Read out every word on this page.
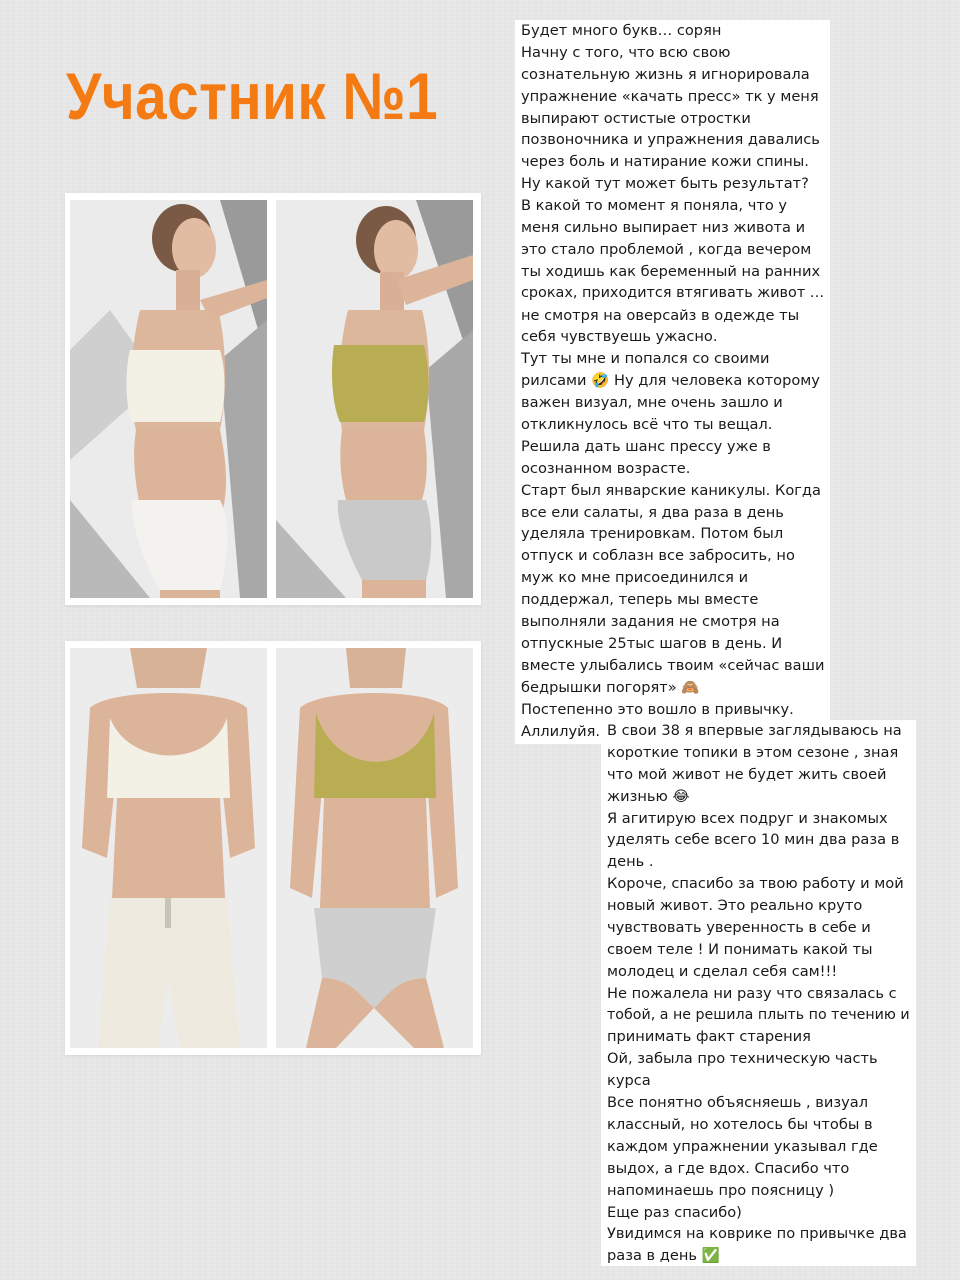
Участник №1
Будет много букв… сорян
Начну с того, что всю свою
сознательную жизнь я игнорировала
упражнение «качать пресс» тк у меня
выпирают остистые отростки
позвоночника и упражнения давались
через боль и натирание кожи спины.
Ну какой тут может быть результат?
В какой то момент я поняла, что у
меня сильно выпирает низ живота и
это стало проблемой , когда вечером
ты ходишь как беременный на ранних
сроках, приходится втягивать живот …
не смотря на оверсайз в одежде ты
себя чувствуешь ужасно.
Тут ты мне и попался со своими
рилсами 🤣 Ну для человека которому
важен визуал, мне очень зашло и
откликнулось всё что ты вещал.
Решила дать шанс прессу уже в
осознанном возрасте.
Старт был январские каникулы. Когда
все ели салаты, я два раза в день
уделяла тренировкам. Потом был
отпуск и соблазн все забросить, но
муж ко мне присоединился и
поддержал, теперь мы вместе
выполняли задания не смотря на
отпускные 25тыс шагов в день. И
вместе улыбались твоим «сейчас ваши
бедрышки погорят» 🙈
Постепенно это вошло в привычку.
Аллилуйя. В свои 38 я впервые заглядываюсь на
короткие топики в этом сезоне , зная
что мой живот не будет жить своей
жизнью 😂
Я агитирую всех подруг и знакомых
уделять себе всего 10 мин два раза в
день .
Короче, спасибо за твою работу и мой
новый живот. Это реально круто
чувствовать уверенность в себе и
своем теле ! И понимать какой ты
молодец и сделал себя сам!!!
Не пожалела ни разу что связалась с
тобой, а не решила плыть по течению и
принимать факт старения
Ой, забыла про техническую часть
курса
Все понятно объясняешь , визуал
классный, но хотелось бы чтобы в
каждом упражнении указывал где
выдох, а где вдох. Спасибо что
напоминаешь про поясницу )
Еще раз спасибо)
Увидимся на коврике по привычке два
раза в день ✅
